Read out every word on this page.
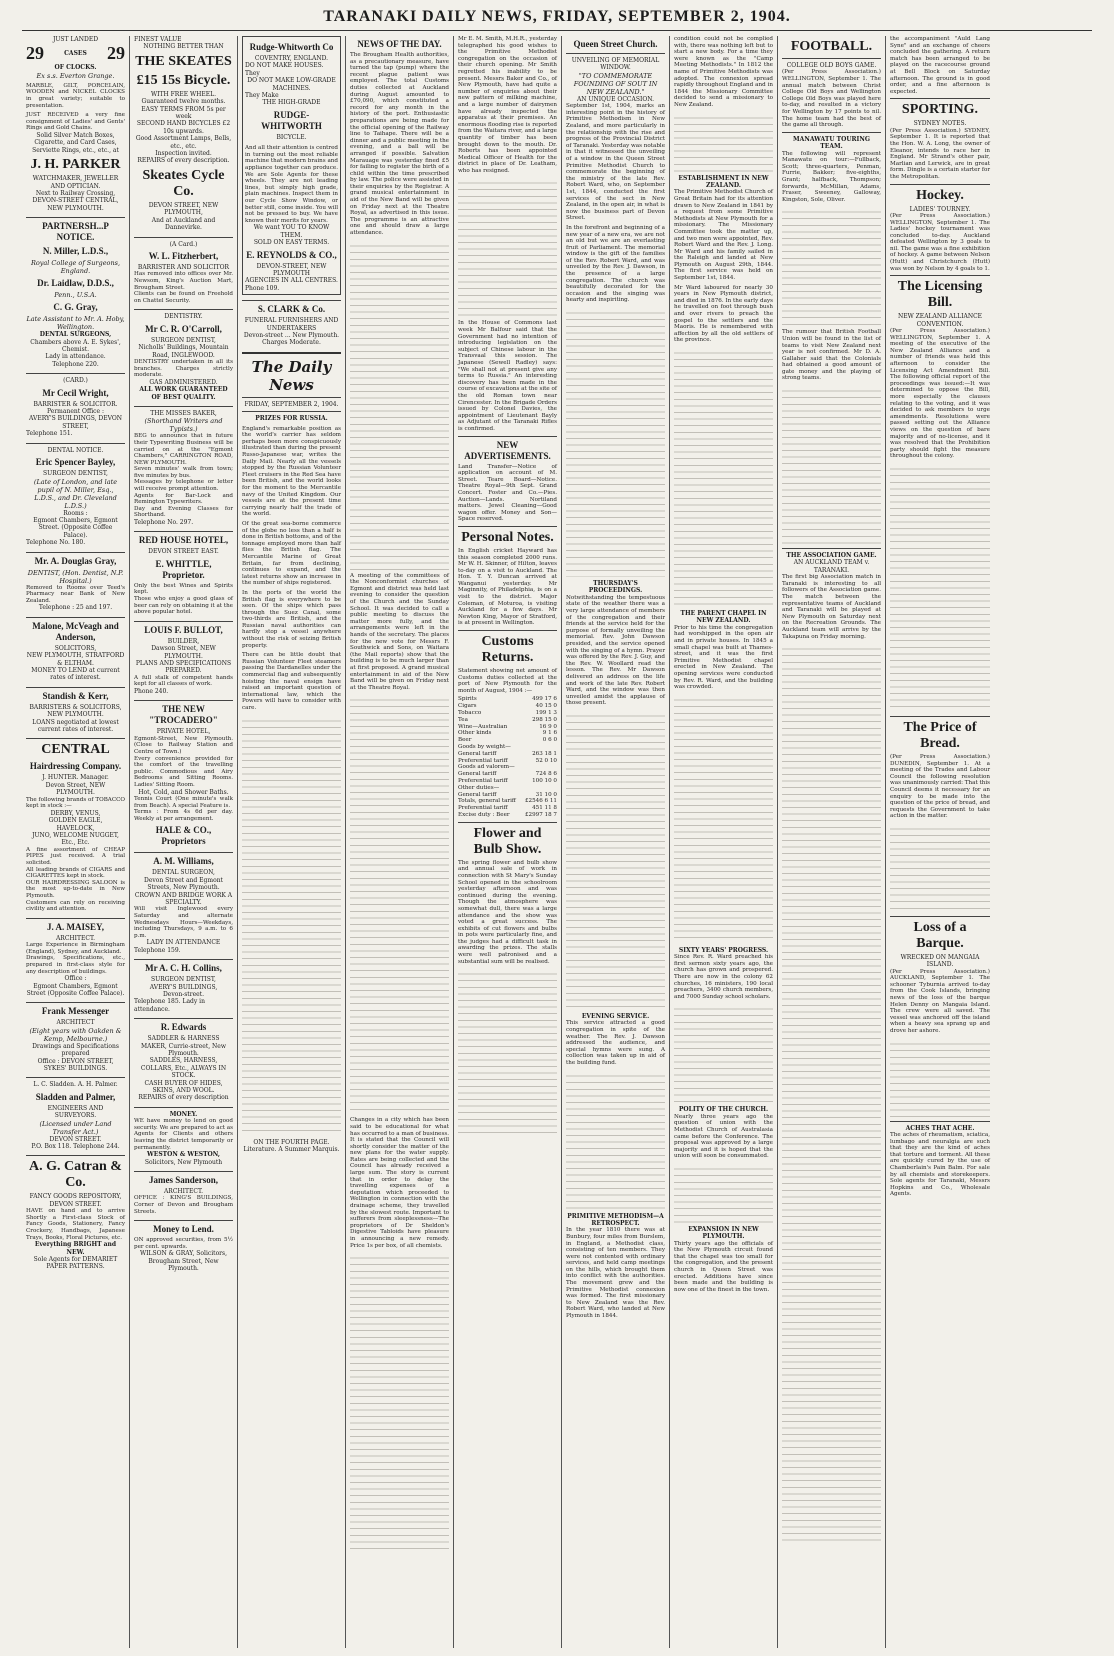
TARANAKI DAILY NEWS, FRIDAY, SEPTEMBER 2, 1904.
JUST LANDED
29	CASES 29
OF CLOCKS.
Ex s.s. Everton Grange.
MARBLE, GILT, PORCELAIN, WOODEN and NICKEL CLOCKS in great variety; suitable to presentation.
JUST RECEIVED a very fine consignment of Ladies' and Gents' Rings and Gold Chains.
Solid Silver Match Boxes, Cigarette, and Card Cases, Serviette Rings, etc., etc., at
J. H. PARKER
WATCHMAKER, JEWELLER AND OPTICIAN.
Next to Railway Crossing, DEVON-STREET CENTRAL, NEW PLYMOUTH.
PARTNERSH...P NOTICE.
N. Miller, L.D.S.,
Royal College of Surgeons, England.
Dr. Laidlaw, D.D.S.,
Penn., U.S.A.
C. G. Gray,
Late Assistant to Mr. A. Hoby, Wellington.
DENTAL SURGEONS,
Chambers above A. E. Sykes', Chemist.
Lady in attendance.
Telephone 220.
(CARD.)
Mr Cecil Wright,
BARRISTER & SOLICITOR.
Permanent Office :
AVERY'S BUILDINGS, DEVON STREET,
Telephone 151.
DENTAL NOTICE.
Eric Spencer Bayley,
SURGEON DENTIST,
(Late of London, and late pupil of N. Miller, Esq., L.D.S., and Dr. Cleveland L.D.S.)
Rooms :
Egmont Chambers, Egmont Street. (Opposite Coffee Palace).
Telephone No. 180.
Mr. A. Douglas Gray,
DENTIST, (Hon. Dentist, N.P. Hospital.)
Removed to Rooms over Teed's Pharmacy near Bank of New Zealand.
Telephone : 25 and 197.
Malone, McVeagh and Anderson,
SOLICITORS,
NEW PLYMOUTH, STRATFORD & ELTHAM.
MONEY TO LEND at current rates of interest.
Standish & Kerr,
BARRISTERS & SOLICITORS, NEW PLYMOUTH.
LOANS negotiated at lowest current rates of interest.
CENTRAL
Hairdressing Company.
J. HUNTER. Manager.
Devon Street, NEW PLYMOUTH.
The following brands of TOBACCO kept in stock :—
DERBY, VENUS,
GOLDEN EAGLE,
HAVELOCK,
JUNO, WELCOME NUGGET,
Etc., Etc.
A fine assortment of CHEAP PIPES just received. A trial solicited.
All leading brands of CIGARS and CIGARETTES kept in stock.
OUR HAIRDRESSING SALOON is the most up-to-date in New Plymouth.
Customers can rely on receiving civility and attention.
J. A. MAISEY,
ARCHITECT.
Large Experience in Birmingham (England), Sydney, and Auckland.
Drawings, Specifications, etc., prepared in first-class style for any description of buildings.
Office :
Egmont Chambers, Egmont Street (Opposite Coffee Palace).
Frank Messenger
ARCHITECT
(Eight years with Oakden & Kemp, Melbourne.)
Drawings and Specifications prepared
Office : DEVON STREET, SYKES' BUILDINGS.
L. C. Sladden. A. H. Palmer.
Sladden and Palmer,
ENGINEERS AND SURVEYORS.
(Licensed under Land Transfer Act.)
DEVON STREET.
P.O. Box 118. Telephone 244.
A. G. Catran & Co.
FANCY GOODS REPOSITORY, DEVON STREET.
HAVE on hand and to arrive Shortly a First-class Stock of Fancy Goods, Stationery, Fancy Crockery, Handbags, Japanese Trays, Books, Floral Pictures, etc.
Everything BRIGHT and NEW.
Sole Agents for DEMARIET PAPER PATTERNS.
FINEST VALUE
NOTHING BETTER THAN
THE SKEATES
£15 15s Bicycle.
WITH FREE WHEEL.
Guaranteed twelve months.
EASY TERMS FROM 5s per week
SECOND HAND BICYCLES £2 10s upwards.
Good Assortment Lamps, Bells, etc., etc.
Inspection invited.
REPAIRS of every description.
Skeates Cycle Co.
DEVON STREET, NEW PLYMOUTH,
And at Auckland and Dannevirke.
(A Card.)
W. L. Fitzherbert,
BARRISTER AND SOLICITOR
Has removed into offices over Mr. Newsom, King's Auction Mart, Brougham Street.
Clients can be found on Freehold on Chattel Security.
DENTISTRY.
Mr C. R. O'Carroll,
SURGEON DENTIST,
Nicholls' Buildings, Mountain Road, INGLEWOOD.
DENTISTRY undertaken in all its branches. Charges strictly moderate.
GAS ADMINISTERED.
ALL WORK GUARANTEED OF BEST QUALITY.
THE MISSES BAKER,
(Shorthand Writers and Typists.)
BEG to announce that in future their Typewriting Business will be carried on at the "Egmont Chambers," CARRINGTON ROAD, NEW PLYMOUTH.
Seven minutes' walk from town; five minutes by bus.
Messages by telephone or letter will receive prompt attention.
Agents for Bar-Lock and Remington Typewriters.
Day and Evening Classes for Shorthand.
Telephone No. 297.
RED HOUSE HOTEL,
DEVON STREET EAST.
E. WHITTLE, Proprietor.
Only the best Wines and Spirits kept.
Those who enjoy a good glass of beer can rely on obtaining it at the above popular hotel.
LOUIS F. BULLOT,
BUILDER,
Dawson Street, NEW PLYMOUTH.
PLANS AND SPECIFICATIONS PREPARED.
A full stalk of competent hands kept for all classes of work.
Phone 240.
THE NEW "TROCADERO"
PRIVATE HOTEL,
Egmont-Street, New Plymouth. (Close to Railway Station and Centre of Town.)
Every convenience provided for the comfort of the travelling public. Commodious and Airy Bedrooms and Sitting Rooms. Ladies' Sitting Room.
Hot, Cold, and Shower Baths.
Tennis Court (One minute's walk from Beach). A special Feature is.
Terms : From 4s 6d per day. Weekly at per arrangement.
HALE & CO., Proprietors
A. M. Williams,
DENTAL SURGEON,
Devon Street and Egmont Streets, New Plymouth.
CROWN AND BRIDGE WORK A SPECIALTY.
Will visit Inglewood every Saturday and alternate Wednesdays Hours—Weekdays, including Thursdays, 9 a.m. to 6 p.m.
LADY IN ATTENDANCE
Telephone 159.
Mr A. C. H. Collins,
SURGEON DENTIST,
AVERY'S BUILDINGS,
Devon-street.
Telephone 185. Lady in attendance.
R. Edwards
SADDLER & HARNESS MAKER, Currie-street, New Plymouth.
SADDLES, HARNESS, COLLARS, Etc., ALWAYS IN STOCK.
CASH BUYER OF HIDES, SKINS, AND WOOL.
REPAIRS of every description
MONEY.
WE have money to lend on good security. We are prepared to act as Agents for Clients and others leaving the district temporarily or permanently.
WESTON & WESTON,
Solicitors, New Plymouth
James Sanderson,
ARCHITECT.
OFFICE : KING'S BUILDINGS, Corner of Devon and Brougham Streets.
Money to Lend.
ON approved securities, from 5½ per cent. upwards.
WILSON & GRAY, Solicitors,
Brougham Street, New Plymouth.
Rudge-Whitworth Co
COVENTRY, ENGLAND.
DO NOT MAKE HOUSES.
They
DO NOT MAKE LOW-GRADE MACHINES.
They Make
THE HIGH-GRADE
RUDGE-WHITWORTH
BICYCLE.
And all their attention is centred in turning out the most reliable machine that modern brains and appliance together can produce. We are Sole Agents for these wheels. They are not leading lines, but simply high grade, plain machines. Inspect them in our Cycle Show Window, or better still, come inside. You will not be pressed to buy. We have known their merits for years.
We want YOU TO KNOW THEM.
SOLD ON EASY TERMS.
E. REYNOLDS & CO.,
DEVON-STREET, NEW PLYMOUTH
AGENCIES IN ALL CENTRES.
Phone 109.
S. CLARK & Co.
FUNERAL FURNISHERS AND UNDERTAKERS
Devon-street ... New Plymouth.
Charges Moderate.
The Daily News
FRIDAY, SEPTEMBER 2, 1904.
PRIZES FOR RUSSIA.
England's remarkable position as the world's carrier has seldom perhaps been more conspicuously illustrated than during the present Russo-Japanese war, writes the Daily Mail. Nearly all the vessels stopped by the Russian Volunteer Fleet cruisers in the Red Sea have been British, and the world looks for the moment to the Mercantile navy of the United Kingdom. Our vessels are at the present time carrying nearly half the trade of the world.
Of the great sea-borne commerce of the globe no less than a half is done in British bottoms, and of the tonnage employed more than half flies the British flag. The Mercantile Marine of Great Britain, far from declining, continues to expand, and the latest returns show an increase in the number of ships registered.
In the ports of the world the British flag is everywhere to be seen. Of the ships which pass through the Suez Canal, some two-thirds are British, and the Russian naval authorities can hardly stop a vessel anywhere without the risk of seizing British property.
There can be little doubt that Russian Volunteer Fleet steamers passing the Dardanelles under the commercial flag and subsequently hoisting the naval ensign have raised an important question of international law, which the Powers will have to consider with care.
ON THE FOURTH PAGE.
Literature. A Summer Marquis.
NEWS OF THE DAY.
The Brougham Health authorities, as a precautionary measure, have turned the tap (pump) where the recent plague patient was employed. The total Customs duties collected at Auckland during August amounted to £70,090, which constituted a record for any month in the history of the port. Enthusiastic preparations are being made for the official opening of the Railway line to Taihape. There will be a dinner and a public meeting in the evening, and a ball will be arranged if possible. Salvation Marauage was yesterday fined £5 for failing to register the birth of a child within the time prescribed by law. The police were assisted in their enquiries by the Registrar. A grand musical entertainment in aid of the New Band will be given on Friday next at the Theatre Royal, as advertised in this issue. The programme is an attractive one and should draw a large attendance.
A meeting of the committees of the Nonconformist churches of Egmont and district was held last evening to consider the question of the Church and the Sunday School. It was decided to call a public meeting to discuss the matter more fully, and the arrangements were left in the hands of the secretary. The places for the new vote for Messrs F. Southwick and Sons, on Waitara (the Mail reports) show that the building is to be much larger than at first proposed. A grand musical entertainment in aid of the New Band will be given on Friday next at the Theatre Royal.
Changes in a city which has been said to be educational for what has occurred to a man of business. It is stated that the Council will shortly consider the matter of the new plans for the water supply. Rates are being collected and the Council has already received a large sum. The story is current that in order to delay the travelling expenses of a deputation which proceeded to Wellington in connection with the drainage scheme, they travelled by the slowest route. Important to sufferers from sleeplessness—The proprietors of Dr Sheldon's Digestive Tabloids have pleasure in announcing a new remedy. Price 1s per box, of all chemists.
Mr E. M. Smith, M.H.R., yesterday telegraphed his good wishes to the Primitive Methodist congregation on the occasion of their church opening. Mr Smith regretted his inability to be present. Messrs Baker and Co., of New Plymouth, have had quite a number of enquiries about their new pattern of milking machine, and a large number of dairymen have already inspected the apparatus at their premises. An enormous flooding rise is reported from the Waitara river, and a large quantity of timber has been brought down to the mouth. Dr. Roberts has been appointed Medical Officer of Health for the district in place of Dr. Leatham, who has resigned.
In the House of Commons last week Mr Balfour said that the Government had no intention of introducing legislation on the subject of Chinese labour in the Transvaal this session. The Japanese (Sewell Radley) says: "We shall not at present give any terms to Russia." An interesting discovery has been made in the course of excavations at the site of the old Roman town near Cirencester. In the Brigade Orders issued by Colonel Davies, the appointment of Lieutenant Bayly as Adjutant of the Taranaki Rifles is confirmed.
NEW ADVERTISEMENTS.
Land Transfer—Notice of application on account of M. Street. Teare Board—Notice. Theatre Royal—9th Sept. Grand Concert. Foster and Co.—Pies. Auction—Lands. Nortiland matters. Jewel Cleaning—Good wagon offer. Money and Son—Space reserved.
Personal Notes.
In English cricket Hayward has this season completed 2000 runs. Mr W. H. Skinner, of Hilton, leaves to-day on a visit to Auckland. The Hon. T. Y. Duncan arrived at Wanganui yesterday. Mr Maginnity, of Philadelphia, is on a visit to the district. Major Coleman, of Moturoa, is visiting Auckland for a few days. Mr Newton King, Mayor of Stratford, is at present in Wellington.
Customs Returns.
Statement showing net amount of Customs duties collected at the port of New Plymouth for the month of August, 1904 :—
Spirits	499 17 6
Cigars	40 15 0
Tobacco	199 1 3
Tea	298 15 0
Wine—Australian	16 9 0
Other kinds	9 1 6
Beer	0 6 0
Goods by weight—
General tariff	263 18 1
Preferential tariff	52 0 10
Goods ad valorem—
General tariff	724 8 6
Preferential tariff	100 10 0
Other duties—
General tariff	31 10 0
Totals, general tariff £2546 6 11
Preferential tariff	451 11 8
Excise duty : Beer	£2997 18 7
Flower and Bulb Show.
The spring flower and bulb show and annual sale of work in connection with St Mary's Sunday School opened in the schoolroom yesterday afternoon and was continued during the evening. Though the atmosphere was somewhat dull, there was a large attendance and the show was voted a great success. The exhibits of cut flowers and bulbs in pots were particularly fine, and the judges had a difficult task in awarding the prizes. The stalls were well patronised and a substantial sum will be realised.
Queen Street Church.
UNVEILING OF MEMORIAL WINDOW.
"TO COMMEMORATE FOUNDING OF SOUT IN NEW ZEALAND."
AN UNIQUE OCCASION.
September 1st, 1904, marks an interesting point in the history of Primitive Methodism in New Zealand, and more particularly in the relationship with the rise and progress of the Provincial District of Taranaki. Yesterday was notable in that it witnessed the unveiling of a window in the Queen Street Primitive Methodist Church to commemorate the beginning of the ministry of the late Rev. Robert Ward, who, on September 1st, 1844, conducted the first services of the sect in New Zealand, in the open air, in what is now the business part of Devon Street.
In the forefront and beginning of a new year of a new era, we are not an old but we are an everlasting fruit of Parliament. The memorial window is the gift of the families of the Rev. Robert Ward, and was unveiled by the Rev. J. Dawson, in the presence of a large congregation. The church was beautifully decorated for the occasion and the singing was hearty and inspiriting.
THURSDAY'S PROCEEDINGS.
Notwithstanding the tempestuous state of the weather there was a very large attendance of members of the congregation and their friends at the service held for the purpose of formally unveiling the memorial. Rev. John Dawson presided, and the service opened with the singing of a hymn. Prayer was offered by the Rev. J. Guy, and the Rev. W. Woollard read the lesson. The Rev. Mr Dawson delivered an address on the life and work of the late Rev. Robert Ward, and the window was then unveiled amidst the applause of those present.
EVENING SERVICE.
This service attracted a good congregation in spite of the weather. The Rev. J. Dawson addressed the audience, and special hymns were sung. A collection was taken up in aid of the building fund.
PRIMITIVE METHODISM—A RETROSPECT.
In the year 1810 there was at Bunbury, four miles from Burslem, in England, a Methodist class, consisting of ten members. They were not contented with ordinary services, and held camp meetings on the hills, which brought them into conflict with the authorities. The movement grew and the Primitive Methodist connexion was formed. The first missionary to New Zealand was the Rev. Robert Ward, who landed at New Plymouth in 1844.
condition could not be complied with, there was nothing left but to start a new body. For a time they were known as the "Camp Meeting Methodists." In 1812 the name of Primitive Methodists was adopted. The connexion spread rapidly throughout England and in 1844 the Missionary Committee decided to send a missionary to New Zealand.
ESTABLISHMENT IN NEW ZEALAND.
The Primitive Methodist Church of Great Britain had for its attention drawn to New Zealand in 1841 by a request from some Primitive Methodists at New Plymouth for a missionary. The Missionary Committee took the matter up, and two men were appointed, Rev. Robert Ward and the Rev. J. Long. Mr Ward and his family sailed in the Raleigh and landed at New Plymouth on August 29th, 1844. The first service was held on September 1st, 1844.
Mr Ward laboured for nearly 30 years in New Plymouth district, and died in 1876. In the early days he travelled on foot through bush and over rivers to preach the gospel to the settlers and the Maoris. He is remembered with affection by all the old settlers of the province.
THE PARENT CHAPEL IN NEW ZEALAND.
Prior to his time the congregation had worshipped in the open air and in private houses. In 1845 a small chapel was built at Thames-street, and it was the first Primitive Methodist chapel erected in New Zealand. The opening services were conducted by Rev. R. Ward, and the building was crowded.
SIXTY YEARS' PROGRESS.
Since Rev. R. Ward preached his first sermon sixty years ago, the church has grown and prospered. There are now in the colony 62 churches, 16 ministers, 190 local preachers, 3400 church members, and 7000 Sunday school scholars.
POLITY OF THE CHURCH.
Nearly three years ago the question of union with the Methodist Church of Australasia came before the Conference. The proposal was approved by a large majority and it is hoped that the union will soon be consummated.
EXPANSION IN NEW PLYMOUTH.
Thirty years ago the officials of the New Plymouth circuit found that the chapel was too small for the congregation, and the present church in Queen Street was erected. Additions have since been made and the building is now one of the finest in the town.
FOOTBALL.
COLLEGE OLD BOYS GAME.
(Per Press Association.) WELLINGTON, September 1. The annual match between Christ College Old Boys and Wellington College Old Boys was played here to-day, and resulted in a victory for Wellington by 17 points to nil. The home team had the best of the game all through.
MANAWATU TOURING TEAM.
The following will represent Manawatu on tour:—Fullback, Scott; three-quarters, Penman, Furrie, Bakker; five-eighths, Grant; halfback, Thompson; forwards, McMillan, Adams, Fraser, Sweeney, Galloway, Kingston, Sole, Oliver.
The rumour that British Football Union will be found in the list of teams to visit New Zealand next year is not confirmed. Mr D. A. Gallaher said that the Colonials had obtained a good amount of gate money and the playing of strong teams.
THE ASSOCIATION GAME.
AN AUCKLAND TEAM v. TARANAKI.
The first big Association match in Taranaki is interesting to all followers of the Association game. The match between the representative teams of Auckland and Taranaki will be played at New Plymouth on Saturday next on the Recreation Grounds. The Auckland team will arrive by the Takapuna on Friday morning.
the accompaniment "Auld Lang Syne" and an exchange of cheers concluded the gathering. A return match has been arranged to be played on the racecourse ground at Bell Block on Saturday afternoon. The ground is in good order, and a fine afternoon is expected.
SPORTING.
SYDNEY NOTES.
(Per Press Association.) SYDNEY, September 1. It is reported that the Hon. W. A. Long, the owner of Eleanor, intends to race her in England. Mr Strand's other pair, Marlian and Lerwick, are in great form. Dingle is a certain starter for the Metropolitan.
Hockey.
LADIES' TOURNEY.
(Per Press Association.) WELLINGTON, September 1. The Ladies' hockey tournament was concluded to-day. Auckland defeated Wellington by 3 goals to nil. The game was a fine exhibition of hockey. A game between Nelson (Hutt) and Christchurch (Hutt) was won by Nelson by 4 goals to 1.
The Licensing Bill.
NEW ZEALAND ALLIANCE CONVENTION.
(Per Press Association.) WELLINGTON, September 1. A meeting of the executive of the New Zealand Alliance and a number of friends was held this afternoon to consider the Licensing Act Amendment Bill. The following official report of the proceedings was issued:—It was determined to oppose the Bill, more especially the clauses relating to the voting, and it was decided to ask members to urge amendments. Resolutions were passed setting out the Alliance views on the question of bare majority and of no-license, and it was resolved that the Prohibition party should fight the measure throughout the colony.
The Price of Bread.
(Per Press Association.) DUNEDIN, September 1. At a meeting of the Trades and Labour Council the following resolution was unanimously carried: That this Council deems it necessary for an enquiry to be made into the question of the price of bread, and requests the Government to take action in the matter.
Loss of a Barque.
WRECKED ON MANGAIA ISLAND.
(Per Press Association.) AUCKLAND, September 1. The schooner Tyburnia arrived to-day from the Cook Islands, bringing news of the loss of the barque Helen Denny on Mangaia Island. The crew were all saved. The vessel was anchored off the island when a heavy sea sprang up and drove her ashore.
ACHES THAT ACHE.
The aches of rheumatism, sciatica, lumbago and neuralgia are such that they are the kind of aches that torture and torment. All these are quickly cured by the use of Chamberlain's Pain Balm. For sale by all chemists and storekeepers. Sole agents for Taranaki, Messrs Hopkins and Co., Wholesale Agents.
